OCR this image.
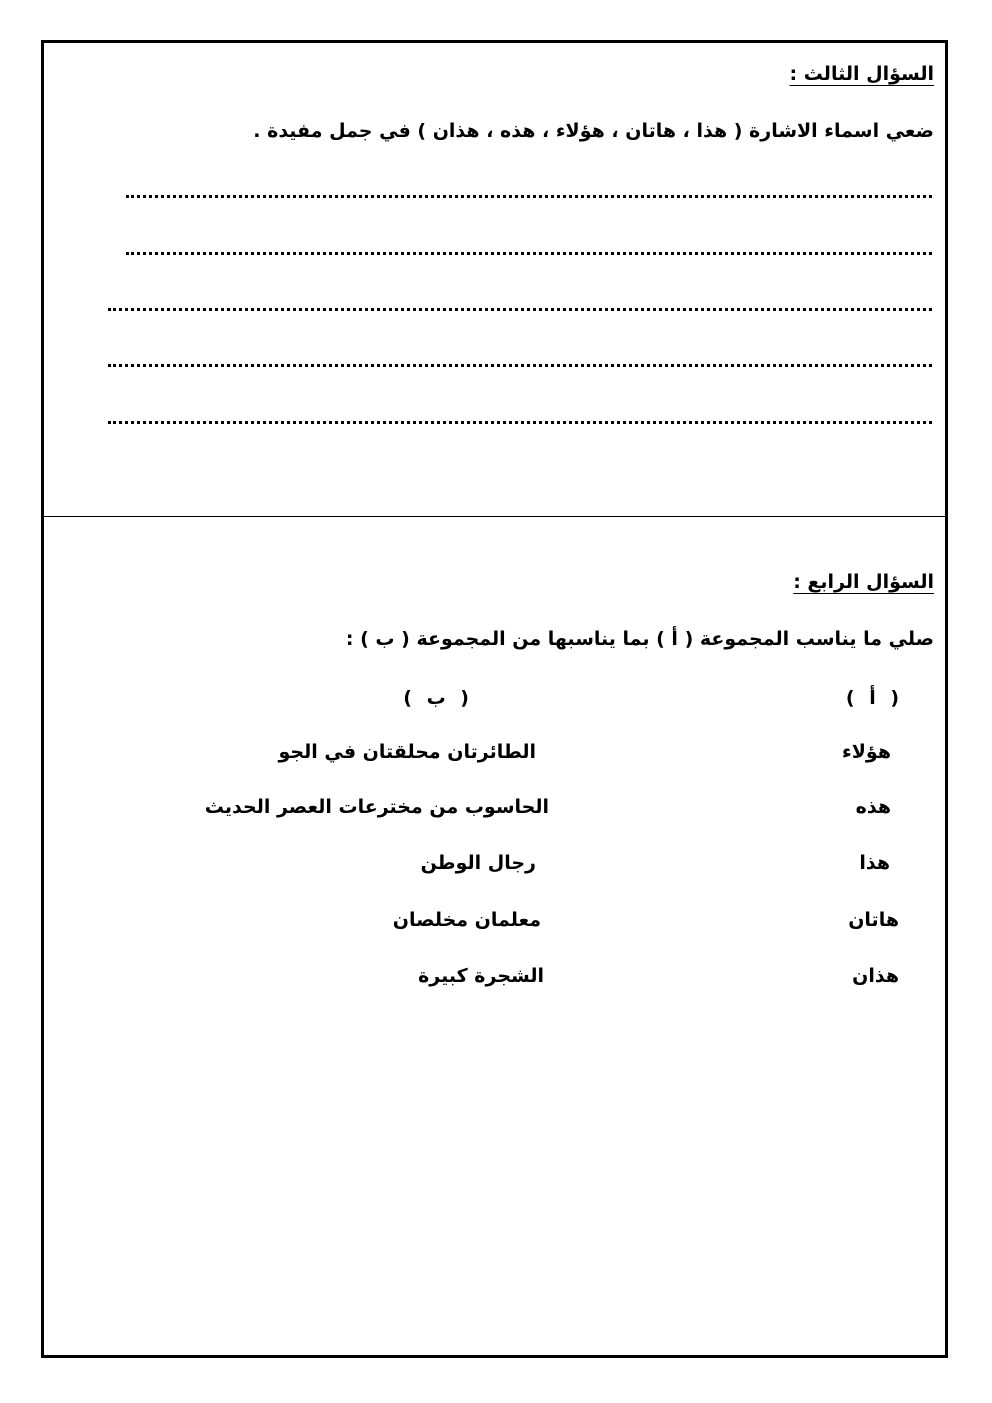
السؤال الثالث :
ضعي اسماء الاشارة ( هذا ، هاتان ، هؤلاء ، هذه ، هذان ) في جمل مفيدة .
السؤال الرابع :
صلي ما يناسب المجموعة ( أ ) بما يناسبها من المجموعة ( ب ) :
( أ )
( ب )
هؤلاء
هذه
هذا
هاتان
هذان
الطائرتان محلقتان في الجو
الحاسوب من مخترعات العصر الحديث
رجال الوطن
معلمان مخلصان
الشجرة كبيرة
